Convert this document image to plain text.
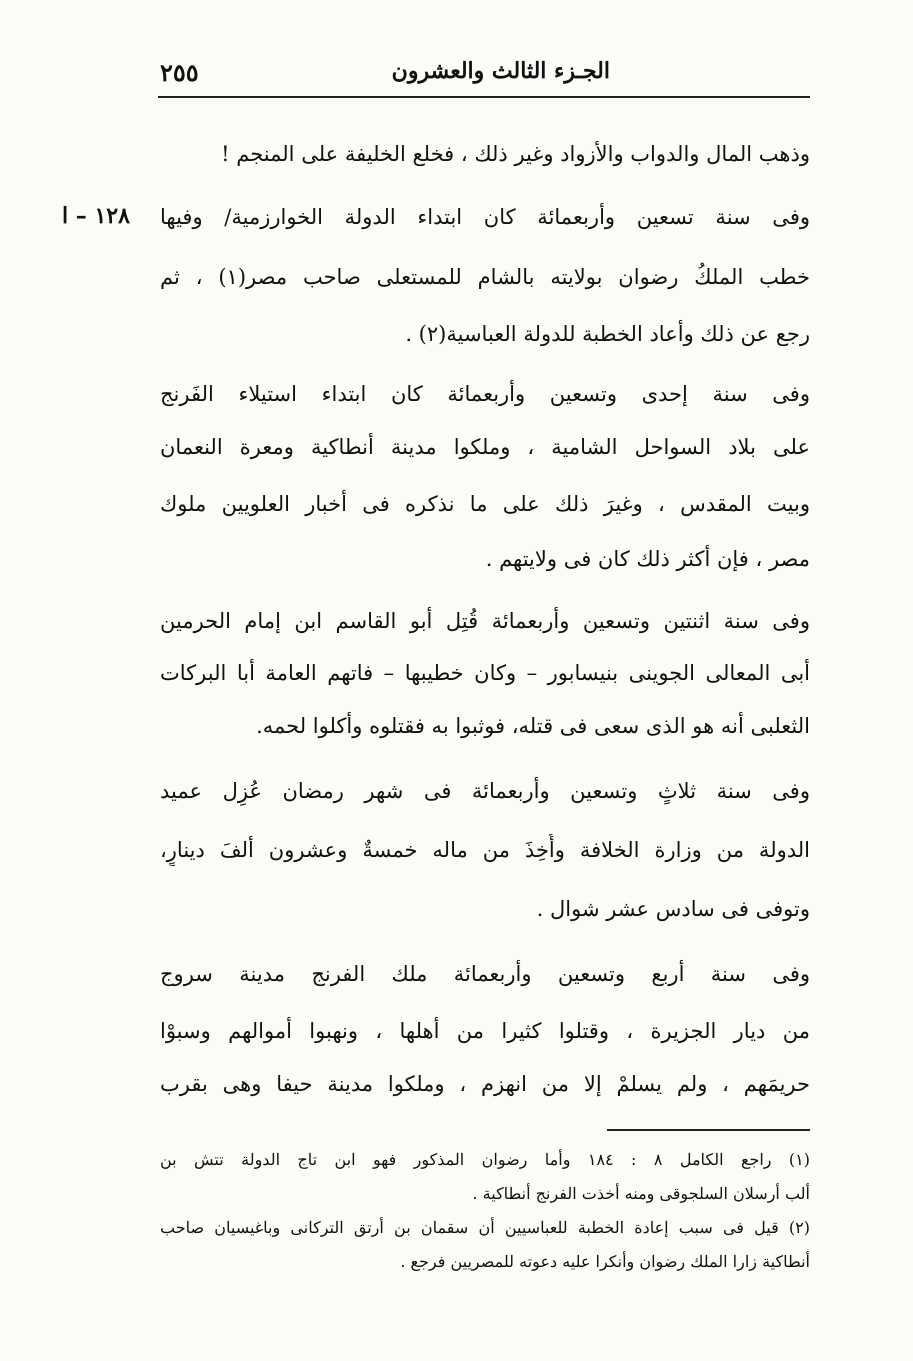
الجـزء الثالث والعشرون
٢٥٥
١٢٨ – ا
وذهب المال والدواب والأزواد وغير ذلك ، فخلع الخليفة على المنجم !
وفى سنة تسعين وأربعمائة كان ابتداء الدولة الخوارزمية/ وفيها
خطب الملكُ رضوان بولايته بالشام للمستعلى صاحب مصر(١) ، ثم
رجع عن ذلك وأعاد الخطبة للدولة العباسية(٢) .
وفى سنة إحدى وتسعين وأربعمائة كان ابتداء استيلاء الفَرنج
على بلاد السواحل الشامية ، وملكوا مدينة أنطاكية ومعرة النعمان
وبيت المقدس ، وغيرَ ذلك على ما نذكره فى أخبار العلويين ملوك
مصر ، فإن أكثر ذلك كان فى ولايتهم .
وفى سنة اثنتين وتسعين وأربعمائة قُتِل أبو القاسم ابن إمام الحرمين
أبى المعالى الجوينى بنيسابور – وكان خطيبها – فاتهم العامة أبا البركات
الثعلبى أنه هو الذى سعى فى قتله، فوثبوا به فقتلوه وأكلوا لحمه.
وفى سنة ثلاثٍ وتسعين وأربعمائة فى شهر رمضان عُزِل عميد
الدولة من وزارة الخلافة وأُخِذَ من ماله خمسةٌ وعشرون ألفَ دينارٍ،
وتوفى فى سادس عشر شوال .
وفى سنة أربع وتسعين وأربعمائة ملك الفرنج مدينة سروج
من ديار الجزيرة ، وقتلوا كثيرا من أهلها ، ونهبوا أموالهم وسبوْا
حريمَهم ، ولم يسلمْ إلا من انهزم ، وملكوا مدينة حيفا وهى بقرب
(١) راجع الكامل ٨ : ١٨٤ وأما رضوان المذكور فهو ابن تاج الدولة تتش بن
ألب أرسلان السلجوقى ومنه أخذت الفرنج أنطاكية .
(٢) قيل فى سبب إعادة الخطبة للعباسيين أن سقمان بن أرتق التركانى وباغيسيان صاحب
أنطاكية زارا الملك رضوان وأنكرا عليه دعوته للمصريين فرجع .
